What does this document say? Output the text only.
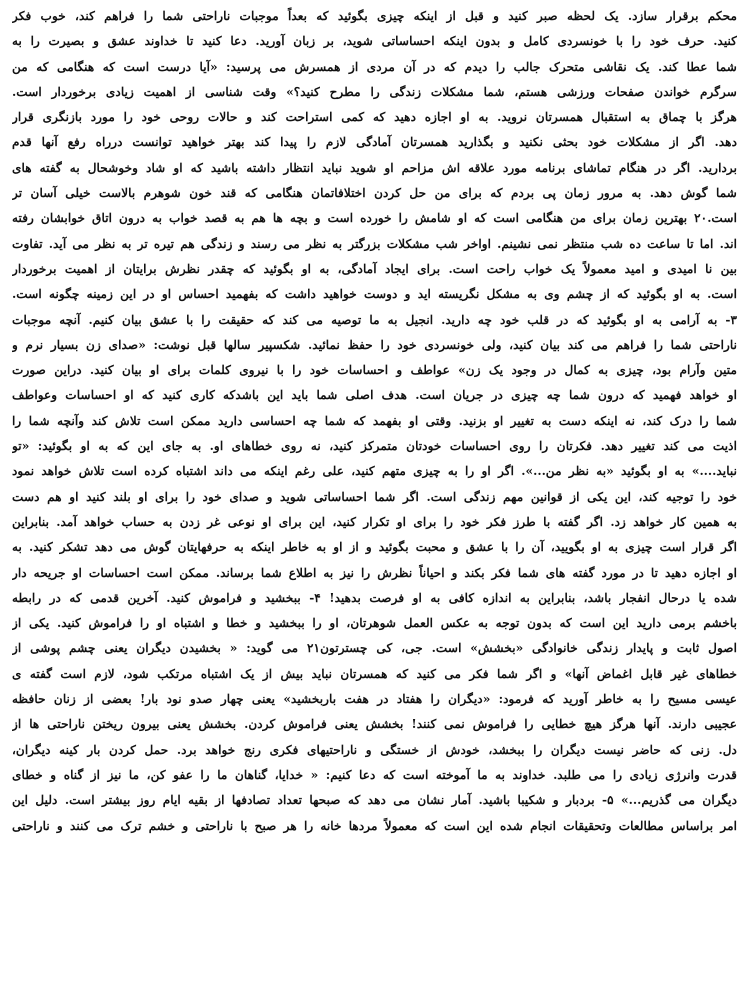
محکم برقرار سازد. یک لحظه صبر کنید و قبل از اینکه چیزی بگوئید که بعداً موجبات ناراحتی شما را فراهم کند، خوب فکر
کنید. حرف خود را با خونسردی کامل و بدون اینکه احساساتی شوید، بر زبان آورید. دعا کنید تا خداوند عشق و بصیرت را به
شما عطا کند. یک نقاشی متحرک جالب را دیدم که در آن مردی از همسرش می پرسید: «آیا درست است که هنگامی که من
سرگرم خواندن صفحات ورزشی هستم، شما مشکلات زندگی را مطرح کنید؟» وقت شناسی از اهمیت زیادی برخوردار است.
هرگز با چماق به استقبال همسرتان نروید. به او اجازه دهید که کمی استراحت کند و حالات روحی خود را مورد بازنگری قرار
دهد. اگر از مشکلات خود بحثی نکنید و بگذارید همسرتان آمادگی لازم را پیدا کند بهتر خواهید توانست درراه رفع آنها قدم
بردارید. اگر در هنگام تماشای برنامه مورد علاقه اش مزاحم او شوید نباید انتظار داشته باشید که او شاد وخوشحال به گفته های
شما گوش دهد. به مرور زمان پی بردم که برای من حل کردن اختلافاتمان هنگامی که قند خون شوهرم بالاست خیلی آسان تر
است.۲۰ بهترین زمان برای من هنگامی است که او شامش را خورده است و بچه ها هم به قصد خواب به درون اتاق خوابشان رفته
اند. اما تا ساعت ده شب منتظر نمی نشینم. اواخر شب مشکلات بزرگتر به نظر می رسند و زندگی هم تیره تر به نظر می آید. تفاوت
بین نا امیدی و امید معمولاً یک خواب راحت است. برای ایجاد آمادگی، به او بگوئید که چقدر نظرش برایتان از اهمیت برخوردار
است. به او بگوئید که از چشم وی به مشکل نگریسته اید و دوست خواهید داشت که بفهمید احساس او در این زمینه چگونه است.
۳- به آرامی به او بگوئید که در قلب خود چه دارید. انجیل به ما توصیه می کند که حقیقت را با عشق بیان کنیم. آنچه موجبات
ناراحتی شما را فراهم می کند بیان کنید، ولی خونسردی خود را حفظ نمائید. شکسپیر سالها قبل نوشت: «صدای زن بسیار نرم و
متین وآرام بود، چیزی به کمال در وجود یک زن» عواطف و احساسات خود را با نیروی کلمات برای او بیان کنید. دراین صورت
او خواهد فهمید که درون شما چه چیزی در جریان است. هدف اصلی شما باید این باشدکه کاری کنید که او احساسات وعواطف
شما را درک کند، نه اینکه دست به تغییر او بزنید. وقتی او بفهمد که شما چه احساسی دارید ممکن است تلاش کند وآنچه شما را
اذیت می کند تغییر دهد. فکرتان را روی احساسات خودتان متمرکز کنید، نه روی خطاهای او. به جای این که به او بگوئید: «تو
نباید....» به او بگوئید «به نظر من...». اگر او را به چیزی متهم کنید، علی رغم اینکه می داند اشتباه کرده است تلاش خواهد نمود
خود را توجیه کند، این یکی از قوانین مهم زندگی است. اگر شما احساساتی شوید و صدای خود را برای او بلند کنید او هم دست
به همین کار خواهد زد. اگر گفته با طرز فکر خود را برای او تکرار کنید، این برای او نوعی غر زدن به حساب خواهد آمد. بنابراین
اگر قرار است چیزی به او بگویید، آن را با عشق و محبت بگوئید و از او به خاطر اینکه به حرفهایتان گوش می دهد تشکر کنید. به
او اجازه دهید تا در مورد گفته های شما فکر بکند و احیاناً نظرش را نیز به اطلاع شما برساند. ممکن است احساسات او جریحه دار
شده یا درحال انفجار باشد، بنابراین به اندازه کافی به او فرصت بدهید! ۴- ببخشید و فراموش کنید. آخرین قدمی که در رابطه
باخشم برمی دارید این است که بدون توجه به عکس العمل شوهرتان، او را ببخشید و خطا و اشتباه او را فراموش کنید. یکی از
اصول ثابت و پایدار زندگی خانوادگی «بخشش» است. جی، کی چسترتون۲۱ می گوید: « بخشیدن دیگران یعنی چشم پوشی از
خطاهای غیر قابل اغماض آنها» و اگر شما فکر می کنید که همسرتان نباید بیش از یک اشتباه مرتکب شود، لازم است گفته ی
عیسی مسیح را به خاطر آورید که فرمود: «دیگران را هفتاد در هفت باربخشید» یعنی چهار صدو نود بار! بعضی از زنان حافظه
عجیبی دارند. آنها هرگز هیچ خطایی را فراموش نمی کنند! بخشش یعنی فراموش کردن. بخشش یعنی بیرون ریختن ناراحتی ها از
دل. زنی که حاضر نیست دیگران را ببخشد، خودش از خستگی و ناراحتیهای فکری رنج خواهد برد. حمل کردن بار کینه دیگران،
قدرت وانرژی زیادی را می طلبد. خداوند به ما آموخته است که دعا کنیم: « خدایا، گناهان ما را عفو کن، ما نیز از گناه و خطای
دیگران می گذریم...» ۵- بردبار و شکیبا باشید. آمار نشان می دهد که صبحها تعداد تصادفها از بقیه ایام روز بیشتر است. دلیل این
امر براساس مطالعات وتحقیقات انجام شده این است که معمولاً مردها خانه را هر صبح با ناراحتی و خشم ترک می کنند و ناراحتی
